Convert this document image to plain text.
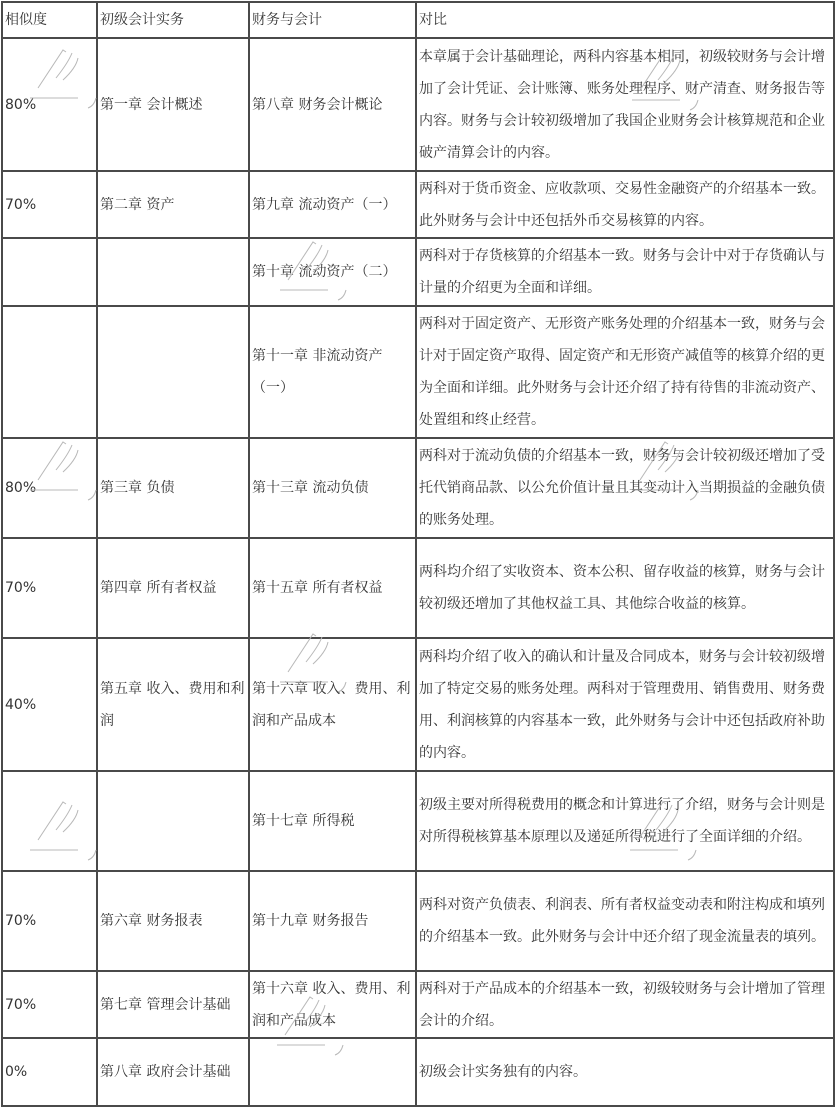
相似度	初级会计实务	财务与会计	对比
80%	第一章 会计概述	第八章 财务会计概论	本章属于会计基础理论，两科内容基本相同，初级较财务与会计增加了会计凭证、会计账簿、账务处理程序、财产清查、财务报告等内容。财务与会计较初级增加了我国企业财务会计核算规范和企业破产清算会计的内容。
70%	第二章 资产	第九章 流动资产（一）	两科对于货币资金、应收款项、交易性金融资产的介绍基本一致。此外财务与会计中还包括外币交易核算的内容。
		第十章 流动资产（二）	两科对于存货核算的介绍基本一致。财务与会计中对于存货确认与计量的介绍更为全面和详细。
		第十一章 非流动资产（一）	两科对于固定资产、无形资产账务处理的介绍基本一致，财务与会计对于固定资产取得、固定资产和无形资产减值等的核算介绍的更为全面和详细。此外财务与会计还介绍了持有待售的非流动资产、处置组和终止经营。
80%	第三章 负债	第十三章 流动负债	两科对于流动负债的介绍基本一致，财务与会计较初级还增加了受托代销商品款、以公允价值计量且其变动计入当期损益的金融负债的账务处理。
70%	第四章 所有者权益	第十五章 所有者权益	两科均介绍了实收资本、资本公积、留存收益的核算，财务与会计较初级还增加了其他权益工具、其他综合收益的核算。
40%	第五章 收入、费用和利润	第十六章 收入、费用、利润和产品成本	两科均介绍了收入的确认和计量及合同成本，财务与会计较初级增加了特定交易的账务处理。两科对于管理费用、销售费用、财务费用、利润核算的内容基本一致，此外财务与会计中还包括政府补助的内容。
		第十七章 所得税	初级主要对所得税费用的概念和计算进行了介绍，财务与会计则是对所得税核算基本原理以及递延所得税进行了全面详细的介绍。
70%	第六章 财务报表	第十九章 财务报告	两科对资产负债表、利润表、所有者权益变动表和附注构成和填列的介绍基本一致。此外财务与会计中还介绍了现金流量表的填列。
70%	第七章 管理会计基础	第十六章 收入、费用、利润和产品成本	两科对于产品成本的介绍基本一致，初级较财务与会计增加了管理会计的介绍。
0%	第八章 政府会计基础		初级会计实务独有的内容。
